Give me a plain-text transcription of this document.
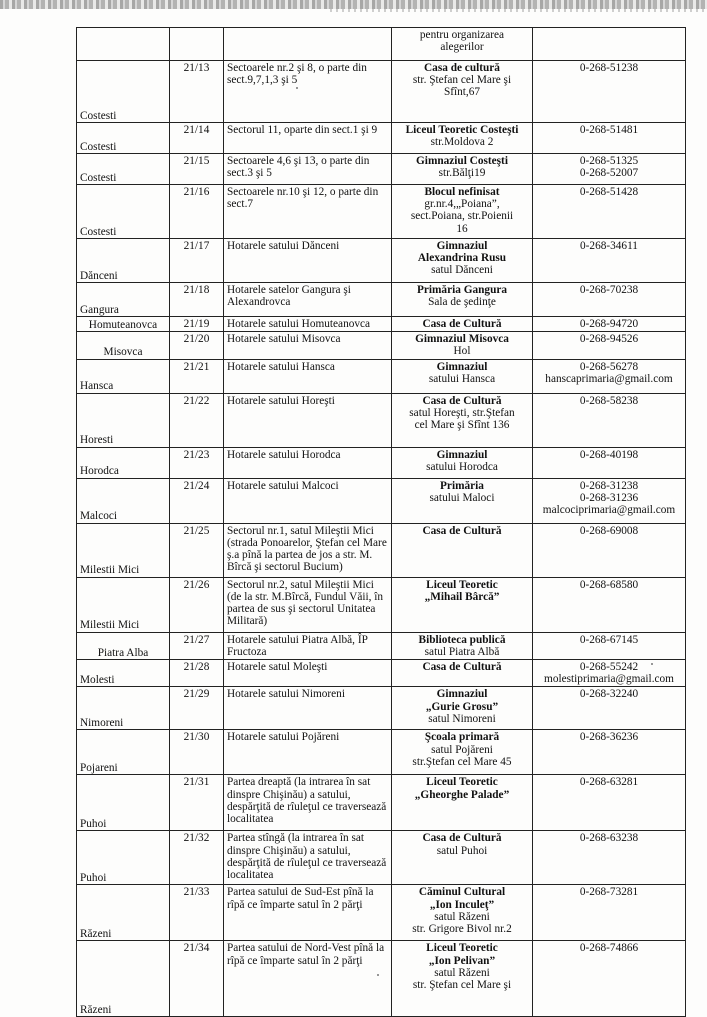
			pentru organizarea
alegerilor	

Costesti	21/13	Sectoarele nr.2 şi 8, o parte din sect.9,7,1,3 şi 5	Casa de cultură
str. Ştefan cel Mare şi
Sfînt,67	0-268-51238

Costesti	21/14	Sectorul 11, oparte din sect.1 şi 9	Liceul Teoretic Costeşti
str.Moldova 2	0-268-51481

Costesti	21/15	Sectoarele 4,6 şi 13, o parte din sect.3 şi 5	Gimnaziul Costeşti
str.Bălţi19	0-268-51325
0-268-52007

Costesti	21/16	Sectoarele nr.10 şi 12, o parte din sect.7	Blocul nefinisat
gr.nr.4,„Poiana”,
sect.Poiana, str.Poienii
16	0-268-51428

Dănceni	21/17	Hotarele satului Dănceni	Gimnaziul
Alexandrina Rusu
satul Dănceni	0-268-34611

Gangura	21/18	Hotarele satelor Gangura şi Alexandrovca	Primăria Gangura
Sala de şedinţe	0-268-70238

Homuteanovca	21/19	Hotarele satului Homuteanovca	Casa de Cultură	0-268-94720

Misovca	21/20	Hotarele satului Misovca	Gimnaziul Misovca
Hol	0-268-94526

Hansca	21/21	Hotarele satului Hansca	Gimnaziul
satului Hansca	0-268-56278
hanscaprimaria@gmail.com

Horesti	21/22	Hotarele satului Horeşti	Casa de Cultură
satul Horeşti, str.Ştefan
cel Mare şi Sfînt 136	0-268-58238

Horodca	21/23	Hotarele satului Horodca	Gimnaziul
satului Horodca	0-268-40198

Malcoci	21/24	Hotarele satului Malcoci	Primăria
satului Maloci	0-268-31238
0-268-31236
malcociprimaria@gmail.com

Milestii Mici	21/25	Sectorul nr.1, satul Mileştii Mici (strada Ponoarelor, Ştefan cel Mare ş.a pînă la partea de jos a str. M. Bîrcă şi sectorul Bucium)	Casa de Cultură	0-268-69008

Milestii Mici	21/26	Sectorul nr.2, satul Mileştii Mici (de la str. M.Bîrcă, Fundul Văii, în partea de sus şi sectorul Unitatea Militară)	Liceul Teoretic
„Mihail Bârcă”	0-268-68580

Piatra Alba	21/27	Hotarele satului Piatra Albă, ÎP Fructoza	Biblioteca publică
satul Piatra Albă	0-268-67145

Molesti	21/28	Hotarele satul Moleşti	Casa de Cultură	0-268-55242
molestiprimaria@gmail.com

Nimoreni	21/29	Hotarele satului Nimoreni	Gimnaziul
„Gurie Grosu”
satul Nimoreni	0-268-32240

Pojareni	21/30	Hotarele satului Pojăreni	Şcoala primară
satul Pojăreni
str.Ştefan cel Mare 45	0-268-36236

Puhoi	21/31	Partea dreaptă (la intrarea în sat dinspre Chişinău) a satului, despărţită de rîuleţul ce traversează localitatea	Liceul Teoretic
„Gheorghe Palade”	0-268-63281

Puhoi	21/32	Partea stîngă (la intrarea în sat dinspre Chişinău) a satului, despărţită de rîuleţul ce traversează localitatea	Casa de Cultură
satul Puhoi	0-268-63238

Răzeni	21/33	Partea satului de Sud-Est pînă la rîpă ce împarte satul în 2 părţi	Căminul Cultural
„Ion Inculeţ”
satul Răzeni
str. Grigore Bivol nr.2	0-268-73281

Răzeni	21/34	Partea satului de Nord-Vest pînă la rîpă ce împarte satul în 2 părţi	Liceul Teoretic
„Ion Pelivan”
satul Răzeni
str. Ştefan cel Mare şi	0-268-74866
